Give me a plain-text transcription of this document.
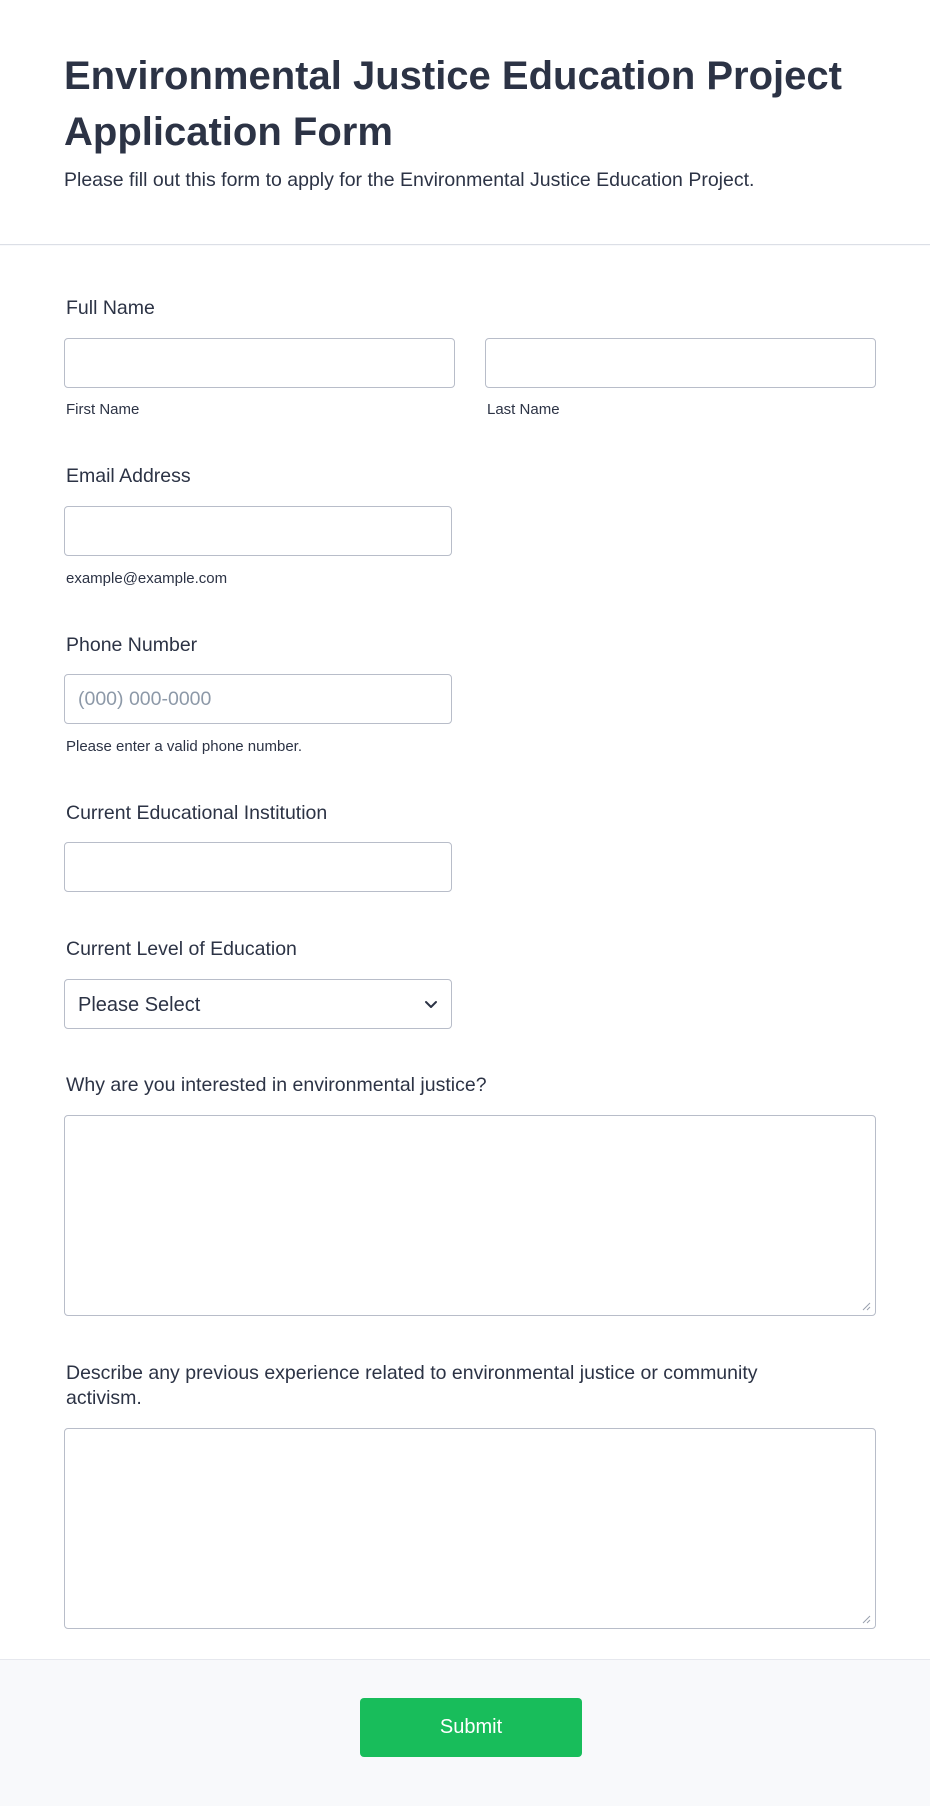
Environmental Justice Education Project Application Form

Please fill out this form to apply for the Environmental Justice Education Project.

Full Name
First Name	Last Name
Email Address
example@example.com
Phone Number
(000) 000-0000
Please enter a valid phone number.
Current Educational Institution
Current Level of Education
Please Select
Why are you interested in environmental justice?
Describe any previous experience related to environmental justice or community
activism.
Submit
